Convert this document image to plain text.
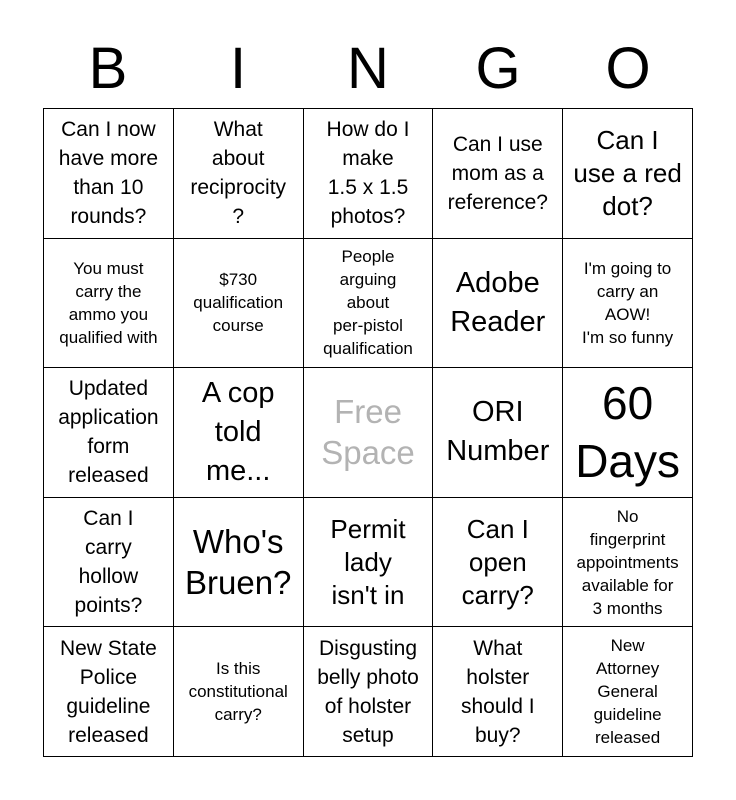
B	I	N	G	O
Can I now
have more
than 10
rounds?
What
about
reciprocity
?
How do I
make
1.5 x 1.5
photos?
Can I use
mom as a
reference?
Can I
use a red
dot?
You must
carry the
ammo you
qualified with
$730
qualification
course
People
arguing
about
per-pistol
qualification
Adobe
Reader
I'm going to
carry an
AOW!
I'm so funny
Updated
application
form
released
A cop
told
me...
Free
Space
ORI
Number
60
Days
Can I
carry
hollow
points?
Who's
Bruen?
Permit
lady
isn't in
Can I
open
carry?
No
fingerprint
appointments
available for
3 months
New State
Police
guideline
released
Is this
constitutional
carry?
Disgusting
belly photo
of holster
setup
What
holster
should I
buy?
New
Attorney
General
guideline
released
